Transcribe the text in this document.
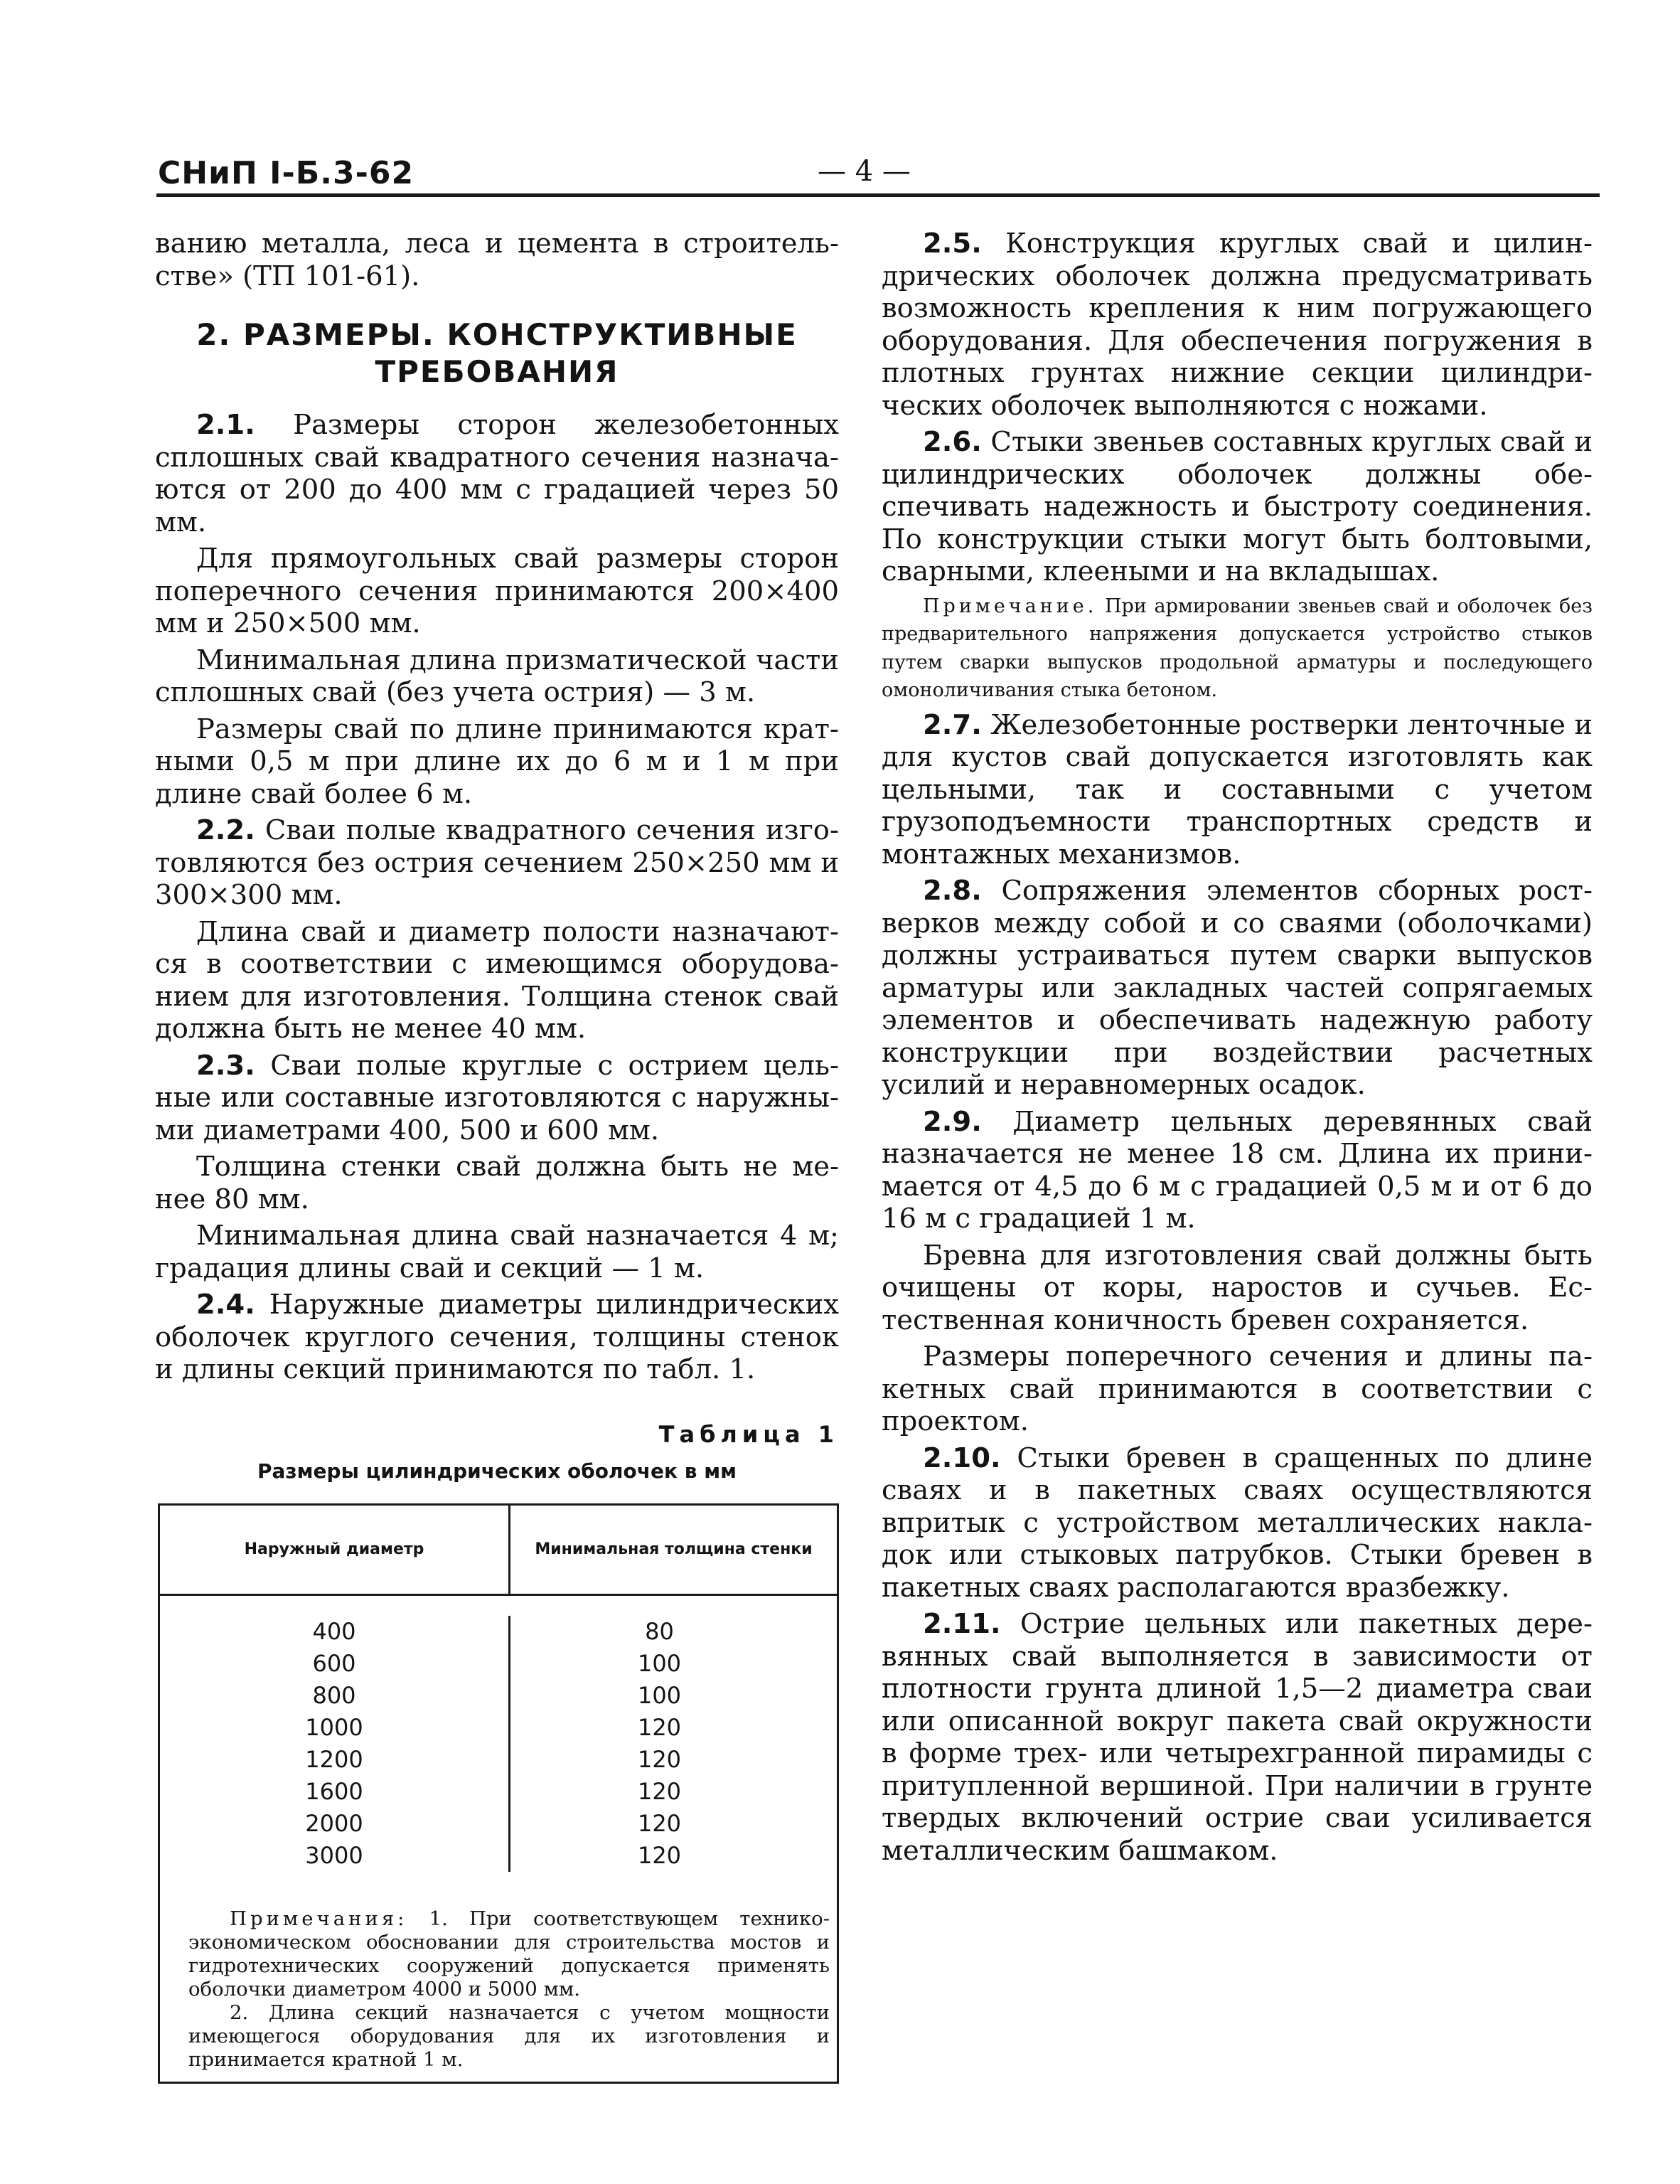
СНиП I-Б.3-62	— 4 —

ванию металла, леса и цемента в строительстве» (ТП 101-61).

2. РАЗМЕРЫ. КОНСТРУКТИВНЫЕ
ТРЕБОВАНИЯ

2.1. Размеры сторон железобетонных сплошных свай квадратного сечения назначаются от 200 до 400 мм с градацией через 50 мм.

Для прямоугольных свай размеры сторон поперечного сечения принимаются 200×400 мм и 250×500 мм.

Минимальная длина призматической части сплошных свай (без учета острия) — 3 м.

Размеры свай по длине принимаются кратными 0,5 м при длине их до 6 м и 1 м при длине свай более 6 м.

2.2. Сваи полые квадратного сечения изготовляются без острия сечением 250×250 мм и 300×300 мм.

Длина свай и диаметр полости назначаются в соответствии с имеющимся оборудованием для изготовления. Толщина стенок свай должна быть не менее 40 мм.

2.3. Сваи полые круглые с острием цельные или составные изготовляются с наружными диаметрами 400, 500 и 600 мм.

Толщина стенки свай должна быть не менее 80 мм.

Минимальная длина свай назначается 4 м; градация длины свай и секций — 1 м.

2.4. Наружные диаметры цилиндрических оболочек круглого сечения, толщины стенок и длины секций принимаются по табл. 1.

Таблица 1
Размеры цилиндрических оболочек в мм
Наружный диаметр	Минимальная толщина стенки
400
600
800
1000
1200
1600
2000
3000
80
100
100
120
120
120
120
120

Примечания: 1. При соответствующем технико-экономическом обосновании для строительства мостов и гидротехнических сооружений допускается применять оболочки диаметром 4000 и 5000 мм.

2. Длина секций назначается с учетом мощности имеющегося оборудования для их изготовления и принимается кратной 1 м.

2.5. Конструкция круглых свай и цилиндрических оболочек должна предусматривать возможность крепления к ним погружающего оборудования. Для обеспечения погружения в плотных грунтах нижние секции цилиндрических оболочек выполняются с ножами.

2.6. Стыки звеньев составных круглых свай и цилиндрических оболочек должны обеспечивать надежность и быстроту соединения. По конструкции стыки могут быть болтовыми, сварными, клееными и на вкладышах.

Примечание. При армировании звеньев свай и оболочек без предварительного напряжения допускается устройство стыков путем сварки выпусков продольной арматуры и последующего омоноличивания стыка бетоном.

2.7. Железобетонные ростверки ленточные и для кустов свай допускается изготовлять как цельными, так и составными с учетом грузоподъемности транспортных средств и монтажных механизмов.

2.8. Сопряжения элементов сборных ростверков между собой и со сваями (оболочками) должны устраиваться путем сварки выпусков арматуры или закладных частей сопрягаемых элементов и обеспечивать надежную работу конструкции при воздействии расчетных усилий и неравномерных осадок.

2.9. Диаметр цельных деревянных свай назначается не менее 18 см. Длина их принимается от 4,5 до 6 м с градацией 0,5 м и от 6 до 16 м с градацией 1 м.

Бревна для изготовления свай должны быть очищены от коры, наростов и сучьев. Естественная коничность бревен сохраняется.

Размеры поперечного сечения и длины пакетных свай принимаются в соответствии с проектом.

2.10. Стыки бревен в сращенных по длине сваях и в пакетных сваях осуществляются впритык с устройством металлических накладок или стыковых патрубков. Стыки бревен в пакетных сваях располагаются вразбежку.

2.11. Острие цельных или пакетных деревянных свай выполняется в зависимости от плотности грунта длиной 1,5—2 диаметра сваи или описанной вокруг пакета свай окружности в форме трех- или четырехгранной пирамиды с притупленной вершиной. При наличии в грунте твердых включений острие сваи усиливается металлическим башмаком.
